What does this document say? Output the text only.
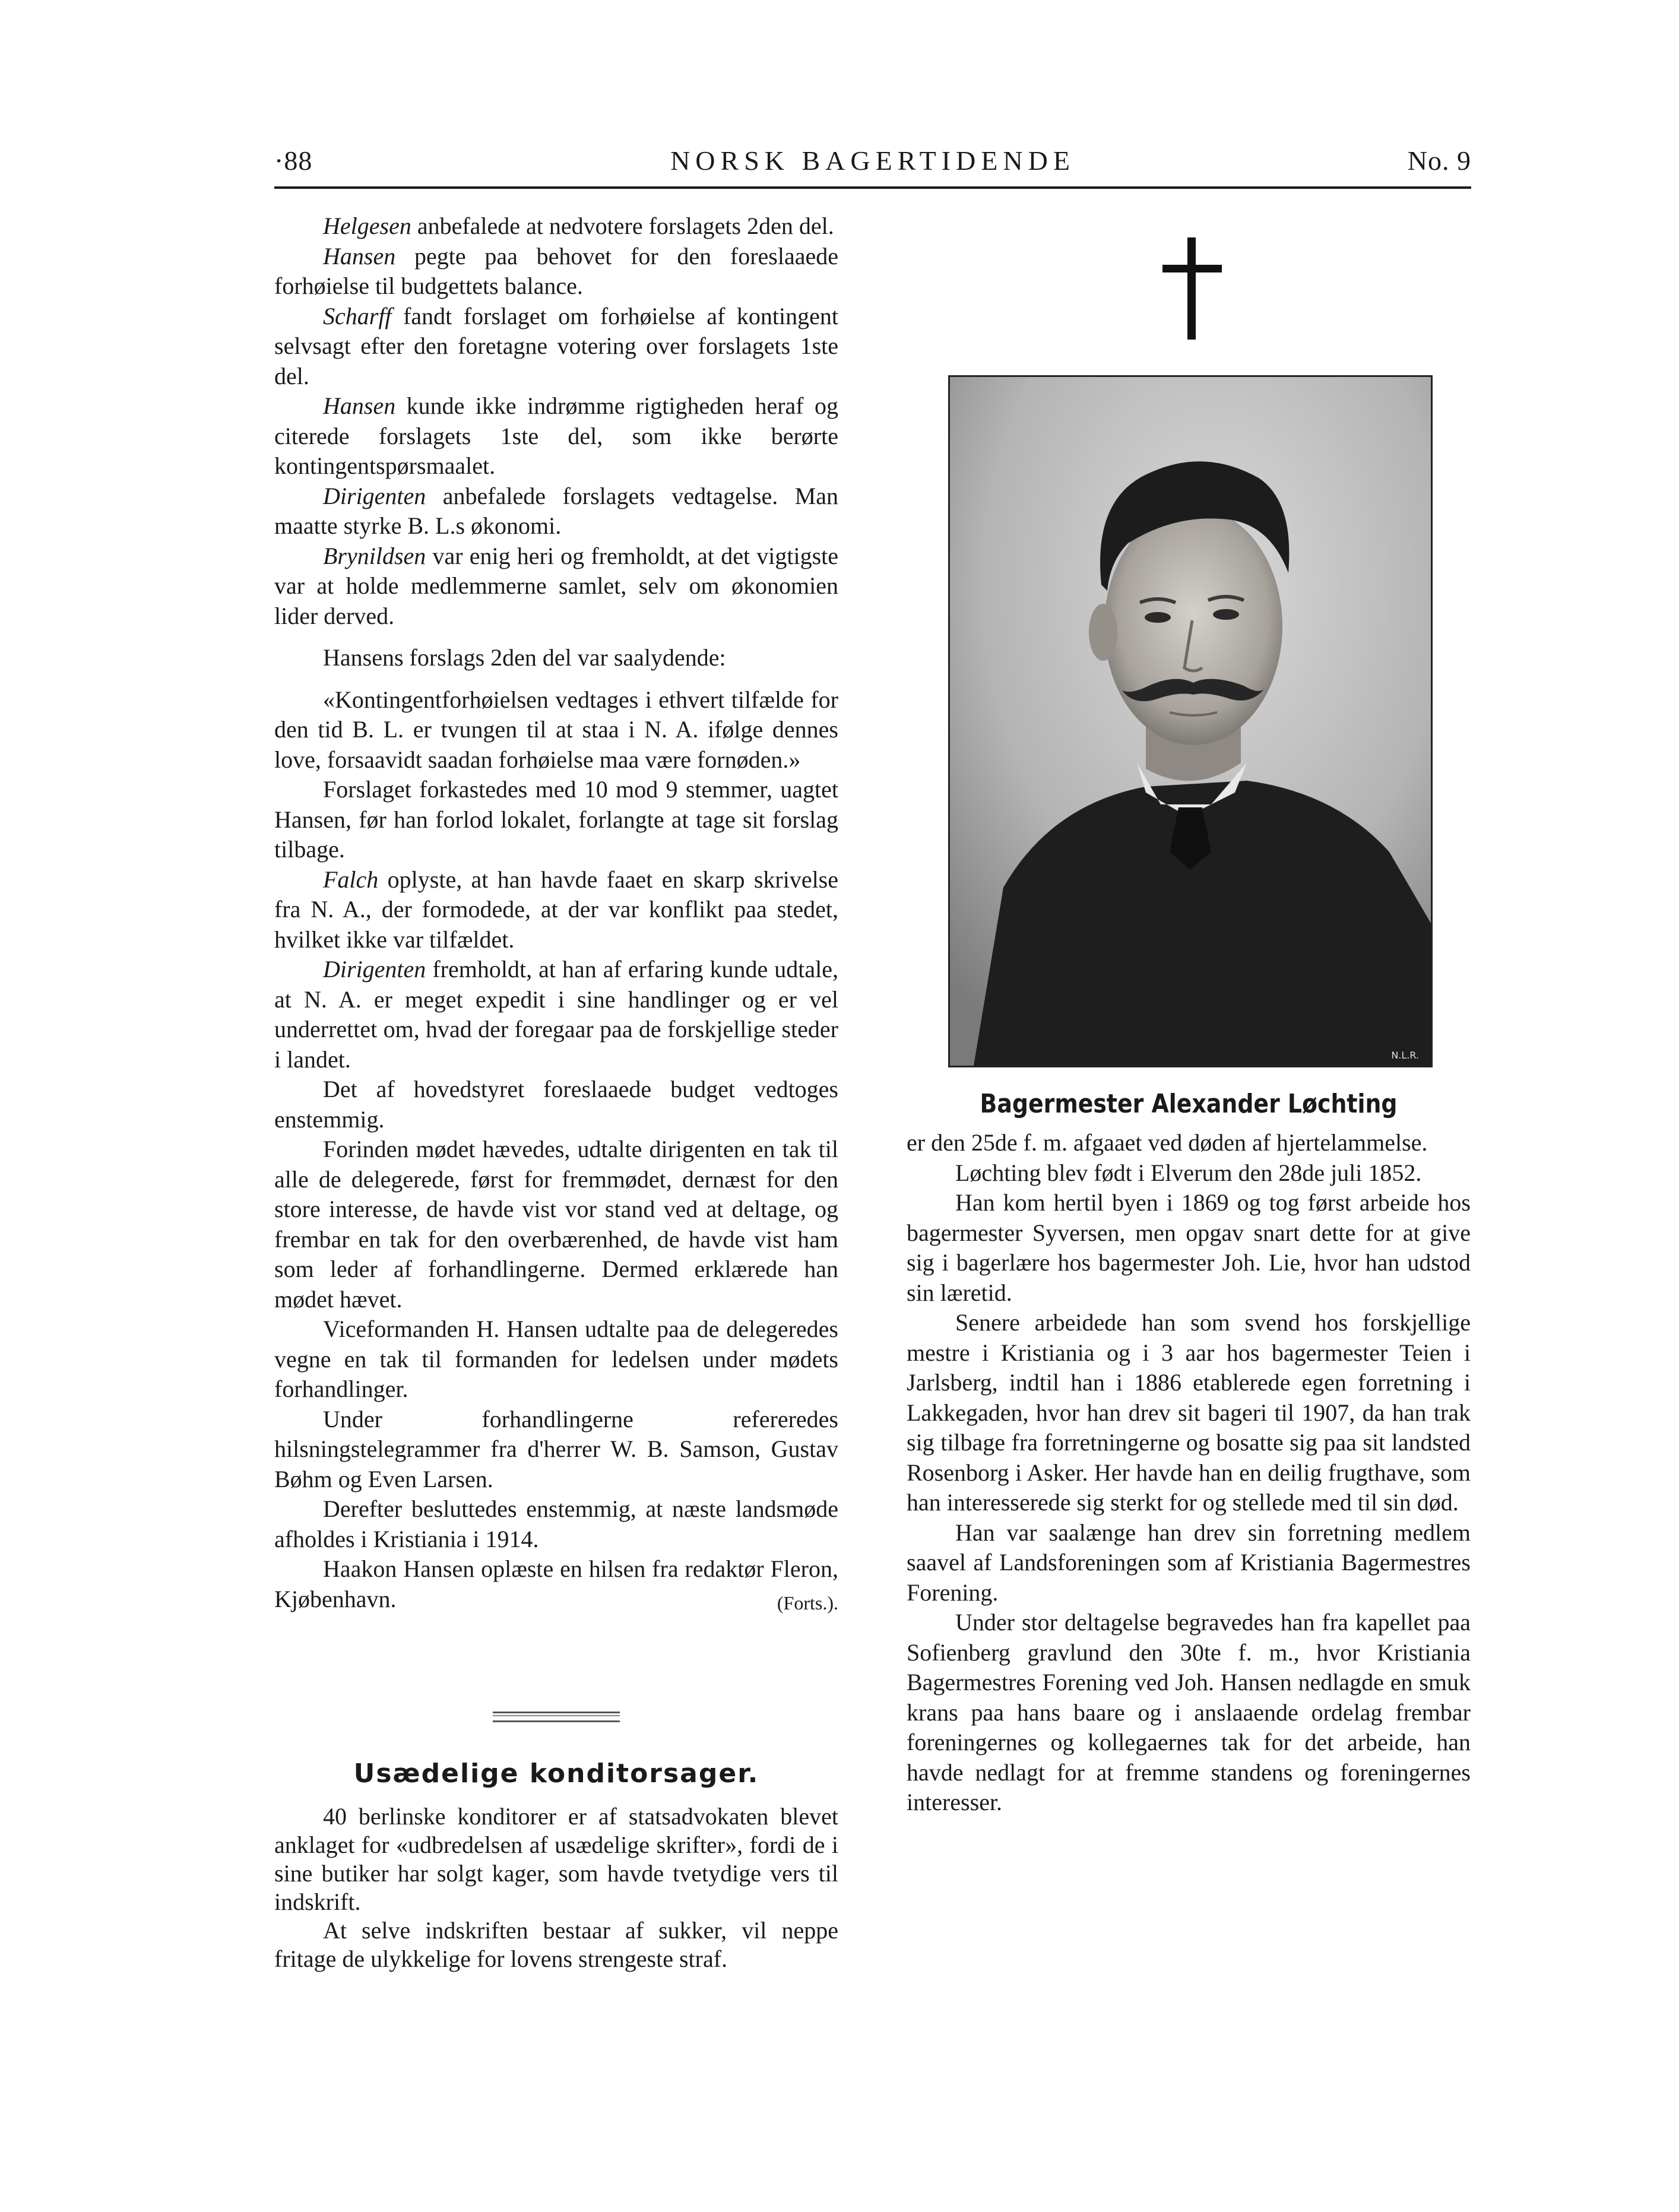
·88	NORSK BAGERTIDENDE	No. 9

Helgesen anbefalede at nedvotere forslagets 2den del.

Hansen pegte paa behovet for den foreslaaede forhøielse til budgettets balance.

Scharff fandt forslaget om forhøielse af kontingent selvsagt efter den foretagne votering over forslagets 1ste del.

Hansen kunde ikke indrømme rigtigheden heraf og citerede forslagets 1ste del, som ikke berørte kontingentspørsmaalet.

Dirigenten anbefalede forslagets vedtagelse. Man maatte styrke B. L.s økonomi.

Brynildsen var enig heri og fremholdt, at det vigtigste var at holde medlemmerne samlet, selv om økonomien lider derved.

Hansens forslags 2den del var saalydende:

«Kontingentforhøielsen vedtages i ethvert tilfælde for den tid B. L. er tvungen til at staa i N. A. ifølge dennes love, forsaavidt saadan forhøielse maa være fornøden.»

Forslaget forkastedes med 10 mod 9 stemmer, uagtet Hansen, før han forlod lokalet, forlangte at tage sit forslag tilbage.

Falch oplyste, at han havde faaet en skarp skrivelse fra N. A., der formodede, at der var konflikt paa stedet, hvilket ikke var tilfældet.

Dirigenten fremholdt, at han af erfaring kunde udtale, at N. A. er meget expedit i sine handlinger og er vel underrettet om, hvad der foregaar paa de forskjellige steder i landet.

Det af hovedstyret foreslaaede budget vedtoges enstemmig.

Forinden mødet hævedes, udtalte dirigenten en tak til alle de delegerede, først for fremmødet, dernæst for den store interesse, de havde vist vor stand ved at deltage, og frembar en tak for den overbærenhed, de havde vist ham som leder af forhandlingerne. Dermed erklærede han mødet hævet.

Viceformanden H. Hansen udtalte paa de delegeredes vegne en tak til formanden for ledelsen under mødets forhandlinger.

Under forhandlingerne refereredes hilsningstelegrammer fra d'herrer W. B. Samson, Gustav Bøhm og Even Larsen.

Derefter besluttedes enstemmig, at næste landsmøde afholdes i Kristiania i 1914.

Haakon Hansen oplæste en hilsen fra redaktør Fleron, Kjøbenhavn.	(Forts.).

Usædelige konditorsager.

40 berlinske konditorer er af statsadvokaten blevet anklaget for «udbredelsen af usædelige skrifter», fordi de i sine butiker har solgt kager, som havde tvetydige vers til indskrift.

At selve indskriften bestaar af sukker, vil neppe fritage de ulykkelige for lovens strengeste straf.

N.L.R.
Bagermester Alexander Løchting

er den 25de f. m. afgaaet ved døden af hjertelammelse.

Løchting blev født i Elverum den 28de juli 1852.

Han kom hertil byen i 1869 og tog først arbeide hos bagermester Syversen, men opgav snart dette for at give sig i bagerlære hos bagermester Joh. Lie, hvor han udstod sin læretid.

Senere arbeidede han som svend hos forskjellige mestre i Kristiania og i 3 aar hos bagermester Teien i Jarlsberg, indtil han i 1886 etablerede egen forretning i Lakkegaden, hvor han drev sit bageri til 1907, da han trak sig tilbage fra forretningerne og bosatte sig paa sit landsted Rosenborg i Asker. Her havde han en deilig frugthave, som han interesserede sig sterkt for og stellede med til sin død.

Han var saalænge han drev sin forretning medlem saavel af Landsforeningen som af Kristiania Bagermestres Forening.

Under stor deltagelse begravedes han fra kapellet paa Sofienberg gravlund den 30te f. m., hvor Kristiania Bagermestres Forening ved Joh. Hansen nedlagde en smuk krans paa hans baare og i anslaaende ordelag frembar foreningernes og kollegaernes tak for det arbeide, han havde nedlagt for at fremme standens og foreningernes interesser.
